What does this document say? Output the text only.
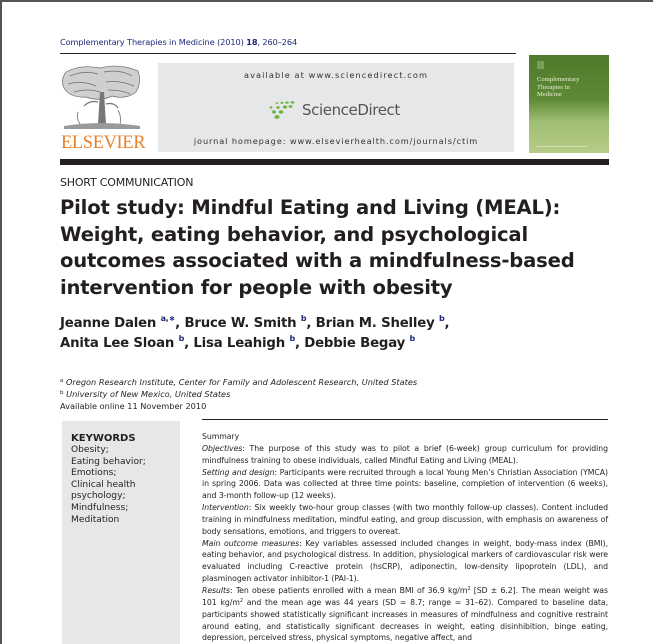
Complementary Therapies in Medicine (2010) 18, 260–264
ELSEVIER
available at www.sciencedirect.com
ScienceDirect
journal homepage: www.elsevierhealth.com/journals/ctim
Complementary
Therapies in
Medicine
SHORT COMMUNICATION
Pilot study: Mindful Eating and Living (MEAL): Weight, eating behavior, and psychological outcomes associated with a mindfulness-based intervention for people with obesity
Jeanne Dalen $^{a,∗}$, Bruce W. Smith $^b$, Brian M. Shelley $^b$,
Anita Lee Sloan $^b$, Lisa Leahigh $^b$, Debbie Begay $^b$
$^a$ Oregon Research Institute, Center for Family and Adolescent Research, United States
$^b$ University of New Mexico, United States
Available online 11 November 2010
KEYWORDS
Obesity;
Eating behavior;
Emotions;
Clinical health
psychology;
Mindfulness;
Meditation
Summary
Objectives: The purpose of this study was to pilot a brief (6-week) group curriculum for providing mindfulness training to obese individuals, called Mindful Eating and Living (MEAL).
Setting and design: Participants were recruited through a local Young Men’s Christian Association (YMCA) in spring 2006. Data was collected at three time points: baseline, completion of intervention (6 weeks), and 3-month follow-up (12 weeks).
Intervention: Six weekly two-hour group classes (with two monthly follow-up classes). Content included training in mindfulness meditation, mindful eating, and group discussion, with emphasis on awareness of body sensations, emotions, and triggers to overeat.
Main outcome measures: Key variables assessed included changes in weight, body-mass index (BMI), eating behavior, and psychological distress. In addition, physiological markers of cardiovascular risk were evaluated including C-reactive protein (hsCRP), adiponectin, low-density lipoprotein (LDL), and plasminogen activator inhibitor-1 (PAI-1).
Results: Ten obese patients enrolled with a mean BMI of 36.9 $kg/m^2$ [SD ± 6.2]. The mean weight was 101 $kg/m^2$ and the mean age was 44 years (SD = 8.7; range = 31–62). Compared to baseline data, participants showed statistically significant increases in measures of mindfulness and cognitive restraint around eating, and statistically significant decreases in weight, eating disinhibition, binge eating, depression, perceived stress, physical symptoms, negative affect, and
